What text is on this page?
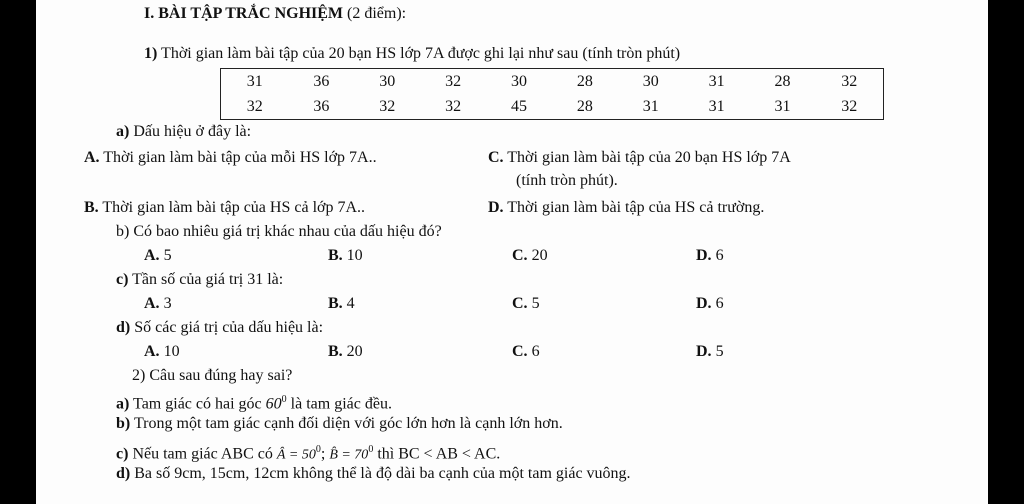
I. BÀI TẬP TRẮC NGHIỆM (2 điểm):
1) Thời gian làm bài tập của 20 bạn HS lớp 7A được ghi lại như sau (tính tròn phút)
31	36	30	32	30	28	30	31	28	32
32	36	32	32	45	28	31	31	31	32
a) Dấu hiệu ở đây là:
A. Thời gian làm bài tập của mỗi HS lớp 7A..	C. Thời gian làm bài tập của 20 bạn HS lớp 7A
(tính tròn phút).
B. Thời gian làm bài tập của HS cả lớp 7A..	D. Thời gian làm bài tập của HS cả trường.
b) Có bao nhiêu giá trị khác nhau của dấu hiệu đó?
A. 5	B. 10	C. 20	D. 6
c) Tần số của giá trị 31 là:
A. 3	B. 4	C. 5	D. 6
d) Số các giá trị của dấu hiệu là:
A. 10	B. 20	C. 6	D. 5
2) Câu sau đúng hay sai?
a) Tam giác có hai góc $60^0$ là tam giác đều.
b) Trong một tam giác cạnh đối diện với góc lớn hơn là cạnh lớn hơn.
c) Nếu tam giác ABC có Â = $50^0$; B̂ = $70^0$ thì BC < AB < AC.
d) Ba số 9cm, 15cm, 12cm không thể là độ dài ba cạnh của một tam giác vuông.
